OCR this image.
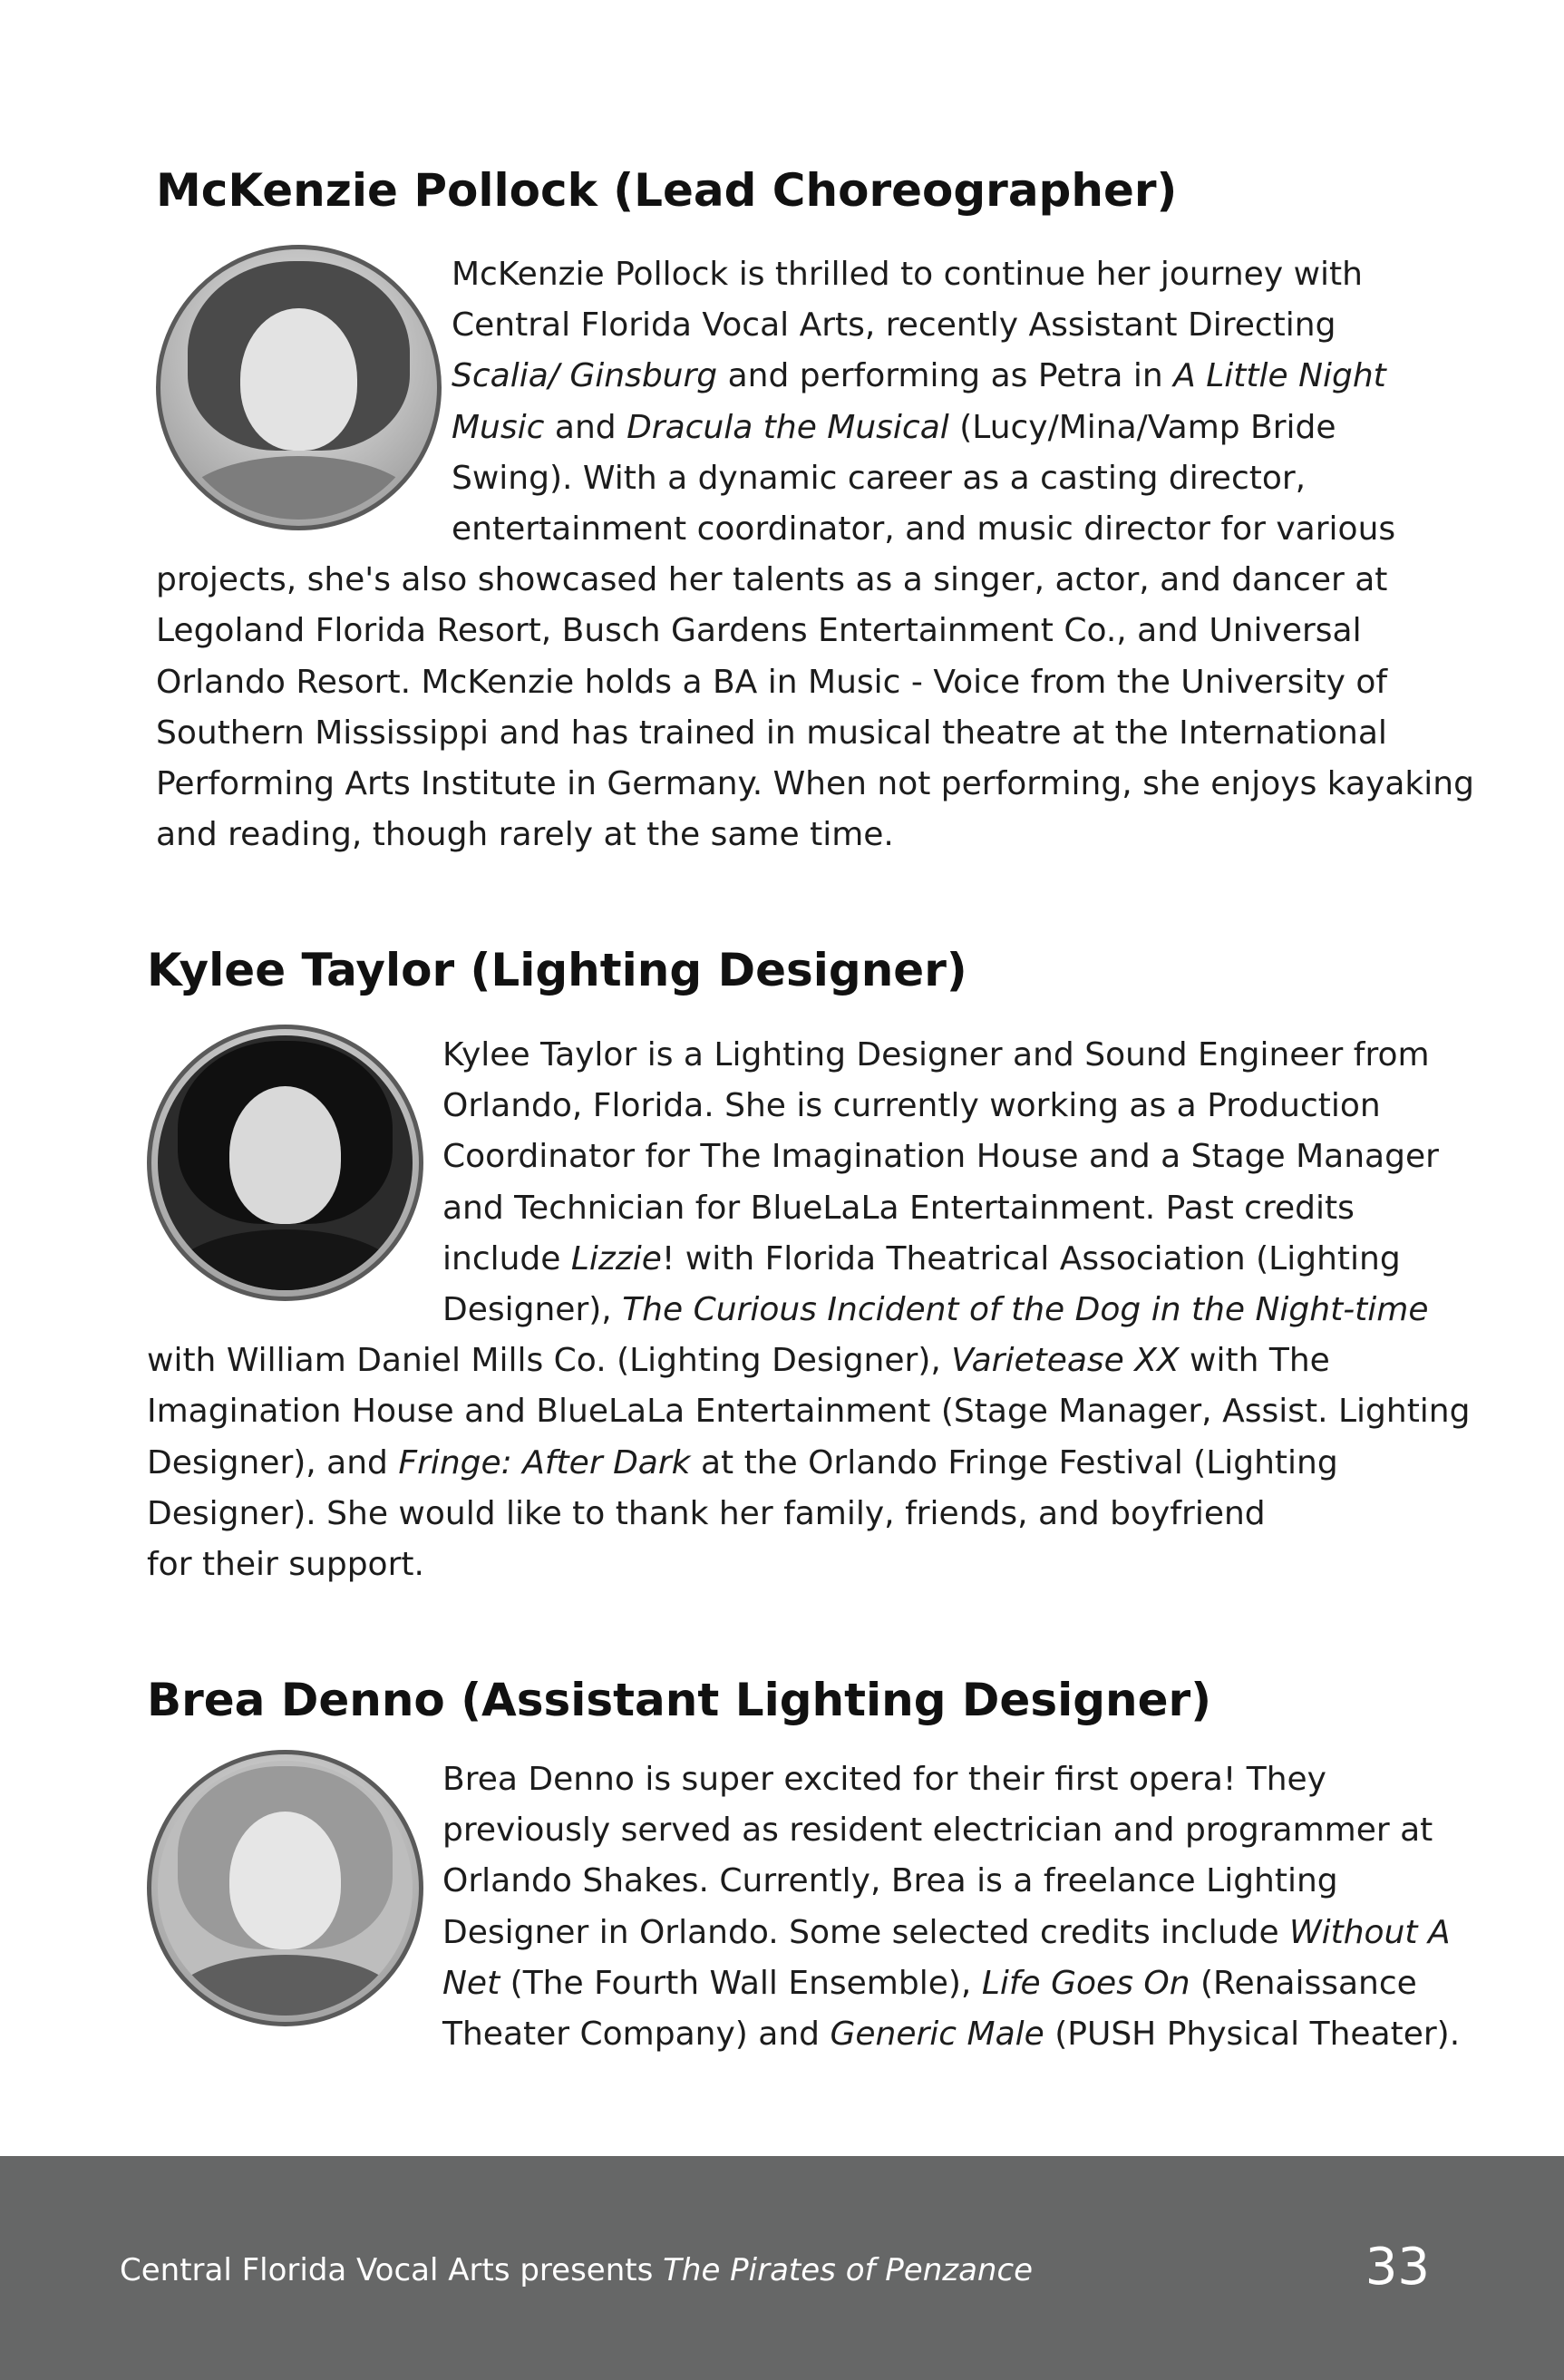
McKenzie Pollock (Lead Choreographer)
McKenzie Pollock is thrilled to continue her journey with
Central Florida Vocal Arts, recently Assistant Directing
Scalia/ Ginsburg and performing as Petra in A Little Night
Music and Dracula the Musical (Lucy/Mina/Vamp Bride
Swing). With a dynamic career as a casting director,
entertainment coordinator, and music director for various
projects, she's also showcased her talents as a singer, actor, and dancer at
Legoland Florida Resort, Busch Gardens Entertainment Co., and Universal
Orlando Resort. McKenzie holds a BA in Music - Voice from the University of
Southern Mississippi and has trained in musical theatre at the International
Performing Arts Institute in Germany. When not performing, she enjoys kayaking
and reading, though rarely at the same time.
Kylee Taylor (Lighting Designer)
Kylee Taylor is a Lighting Designer and Sound Engineer from
Orlando, Florida. She is currently working as a Production
Coordinator for The Imagination House and a Stage Manager
and Technician for BlueLaLa Entertainment. Past credits
include Lizzie! with Florida Theatrical Association (Lighting
Designer), The Curious Incident of the Dog in the Night-time
with William Daniel Mills Co. (Lighting Designer), Varietease XX with The
Imagination House and BlueLaLa Entertainment (Stage Manager, Assist. Lighting
Designer), and Fringe: After Dark at the Orlando Fringe Festival (Lighting
Designer). She would like to thank her family, friends, and boyfriend
for their support.
Brea Denno (Assistant Lighting Designer)
Brea Denno is super excited for their first opera! They
previously served as resident electrician and programmer at
Orlando Shakes. Currently, Brea is a freelance Lighting
Designer in Orlando. Some selected credits include Without A
Net (The Fourth Wall Ensemble), Life Goes On (Renaissance
Theater Company) and Generic Male (PUSH Physical Theater).
Central Florida Vocal Arts presents The Pirates of Penzance	33
